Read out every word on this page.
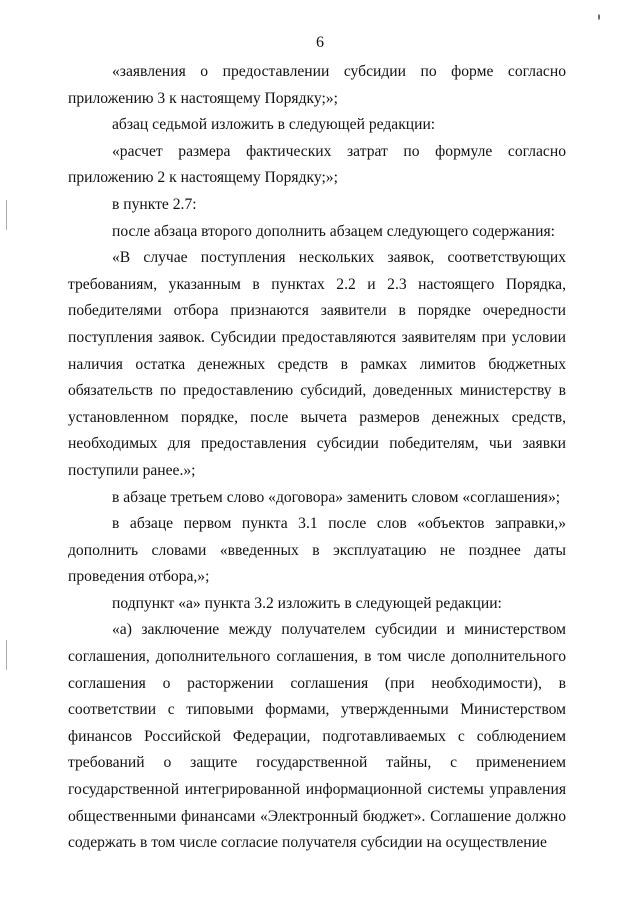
6
«заявления о предоставлении субсидии по форме согласно
приложению 3 к настоящему Порядку;»;
абзац седьмой изложить в следующей редакции:
«расчет размера фактических затрат по формуле согласно
приложению 2 к настоящему Порядку;»;
в пункте 2.7:
после абзаца второго дополнить абзацем следующего содержания:
«В случае поступления нескольких заявок, соответствующих
требованиям, указанным в пунктах 2.2 и 2.3 настоящего Порядка,
победителями отбора признаются заявители в порядке очередности
поступления заявок. Субсидии предоставляются заявителям при условии
наличия остатка денежных средств в рамках лимитов бюджетных
обязательств по предоставлению субсидий, доведенных министерству в
установленном порядке, после вычета размеров денежных средств,
необходимых для предоставления субсидии победителям, чьи заявки
поступили ранее.»;
в абзаце третьем слово «договора» заменить словом «соглашения»;
в абзаце первом пункта 3.1 после слов «объектов заправки,»
дополнить словами «введенных в эксплуатацию не позднее даты
проведения отбора,»;
подпункт «а» пункта 3.2 изложить в следующей редакции:
«а) заключение между получателем субсидии и министерством
соглашения, дополнительного соглашения, в том числе дополнительного
соглашения о расторжении соглашения (при необходимости), в
соответствии с типовыми формами, утвержденными Министерством
финансов Российской Федерации, подготавливаемых с соблюдением
требований о защите государственной тайны, с применением
государственной интегрированной информационной системы управления
общественными финансами «Электронный бюджет». Соглашение должно
содержать в том числе согласие получателя субсидии на осуществление
